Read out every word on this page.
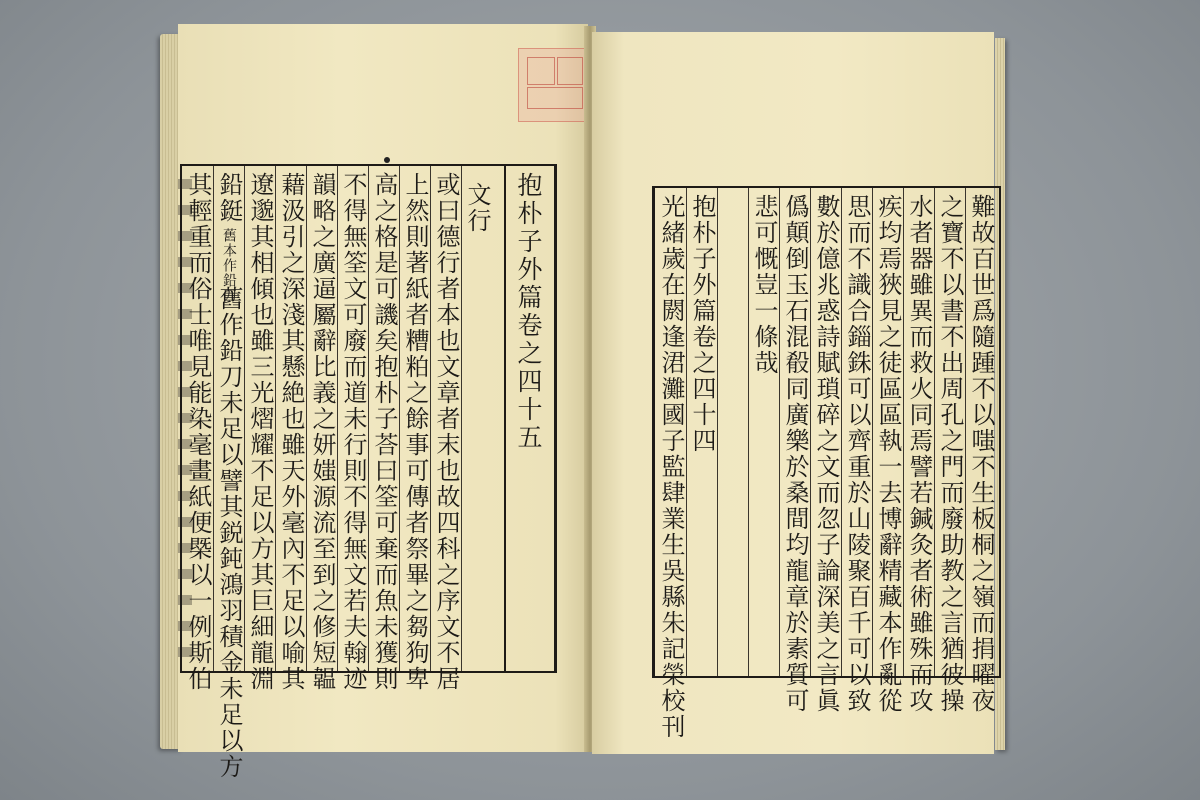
其輕重而俗士唯見能染毫畫紙便槩以一例斯伯 鉛鋌
舊本作鉛刀
舊作鉛刀未足以譬其鋭鈍鴻羽積金未足以方 遼邈其相傾也雖三光熠耀不足以方其巨細龍淵 藉汲引之深淺其懸絶也雖天外毫內不足以喻其 韻略之廣逼屬辭比義之妍媸源流至到之修短韞 不得無筌文可廢而道未行則不得無文若夫翰迹 高之格是可譏矣抱朴子荅曰筌可棄而魚未獲則 上然則著紙者糟粕之餘事可傳者祭畢之芻狗卑 或曰德行者本也文章者末也故四科之序文不居 文行 抱朴子外篇卷之四十五	光緒歲在閼逢涒灘國子監肆業生吳縣朱記榮校刊 抱朴子外篇卷之四十四 悲可慨豈一條哉 僞顛倒玉石混殽同廣樂於桑間均龍章於素質可 數於億兆惑詩賦瑣碎之文而忽子論深美之言眞 思而不識合錙銖可以齊重於山陵聚百千可以致 疾均焉狹見之徒區區執一去博辭精藏本作亂從 水者器雖異而救火同焉譬若鍼灸者術雖殊而攻 之寶不以書不出周孔之門而廢助教之言猶彼操 難故百世爲隨踵不以嗤不生板桐之嶺而捐曜夜
